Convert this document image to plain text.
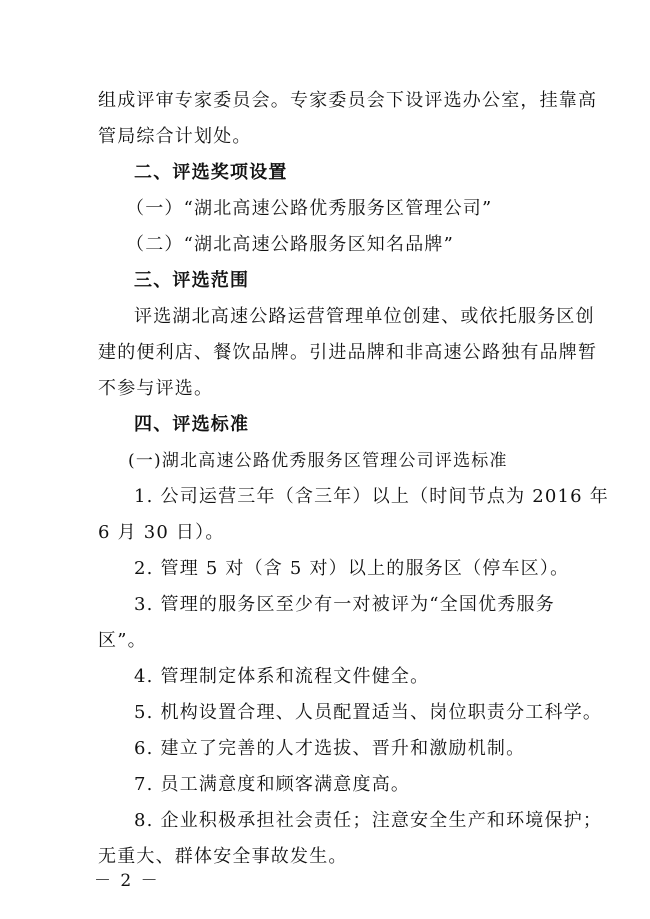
组成评审专家委员会。专家委员会下设评选办公室，挂靠高
管局综合计划处。
二、评选奖项设置
（一）“湖北高速公路优秀服务区管理公司”
（二）“湖北高速公路服务区知名品牌”
三、评选范围
评选湖北高速公路运营管理单位创建、或依托服务区创
建的便利店、餐饮品牌。引进品牌和非高速公路独有品牌暂
不参与评选。
四、评选标准
(一)湖北高速公路优秀服务区管理公司评选标准
1. 公司运营三年（含三年）以上（时间节点为 2016 年
6 月 30 日）。
2. 管理 5 对（含 5 对）以上的服务区（停车区）。
3. 管理的服务区至少有一对被评为“全国优秀服务
区”。
4. 管理制定体系和流程文件健全。
5. 机构设置合理、人员配置适当、岗位职责分工科学。
6. 建立了完善的人才选拔、晋升和激励机制。
7. 员工满意度和顾客满意度高。
8. 企业积极承担社会责任；注意安全生产和环境保护；
无重大、群体安全事故发生。
－ 2 －
